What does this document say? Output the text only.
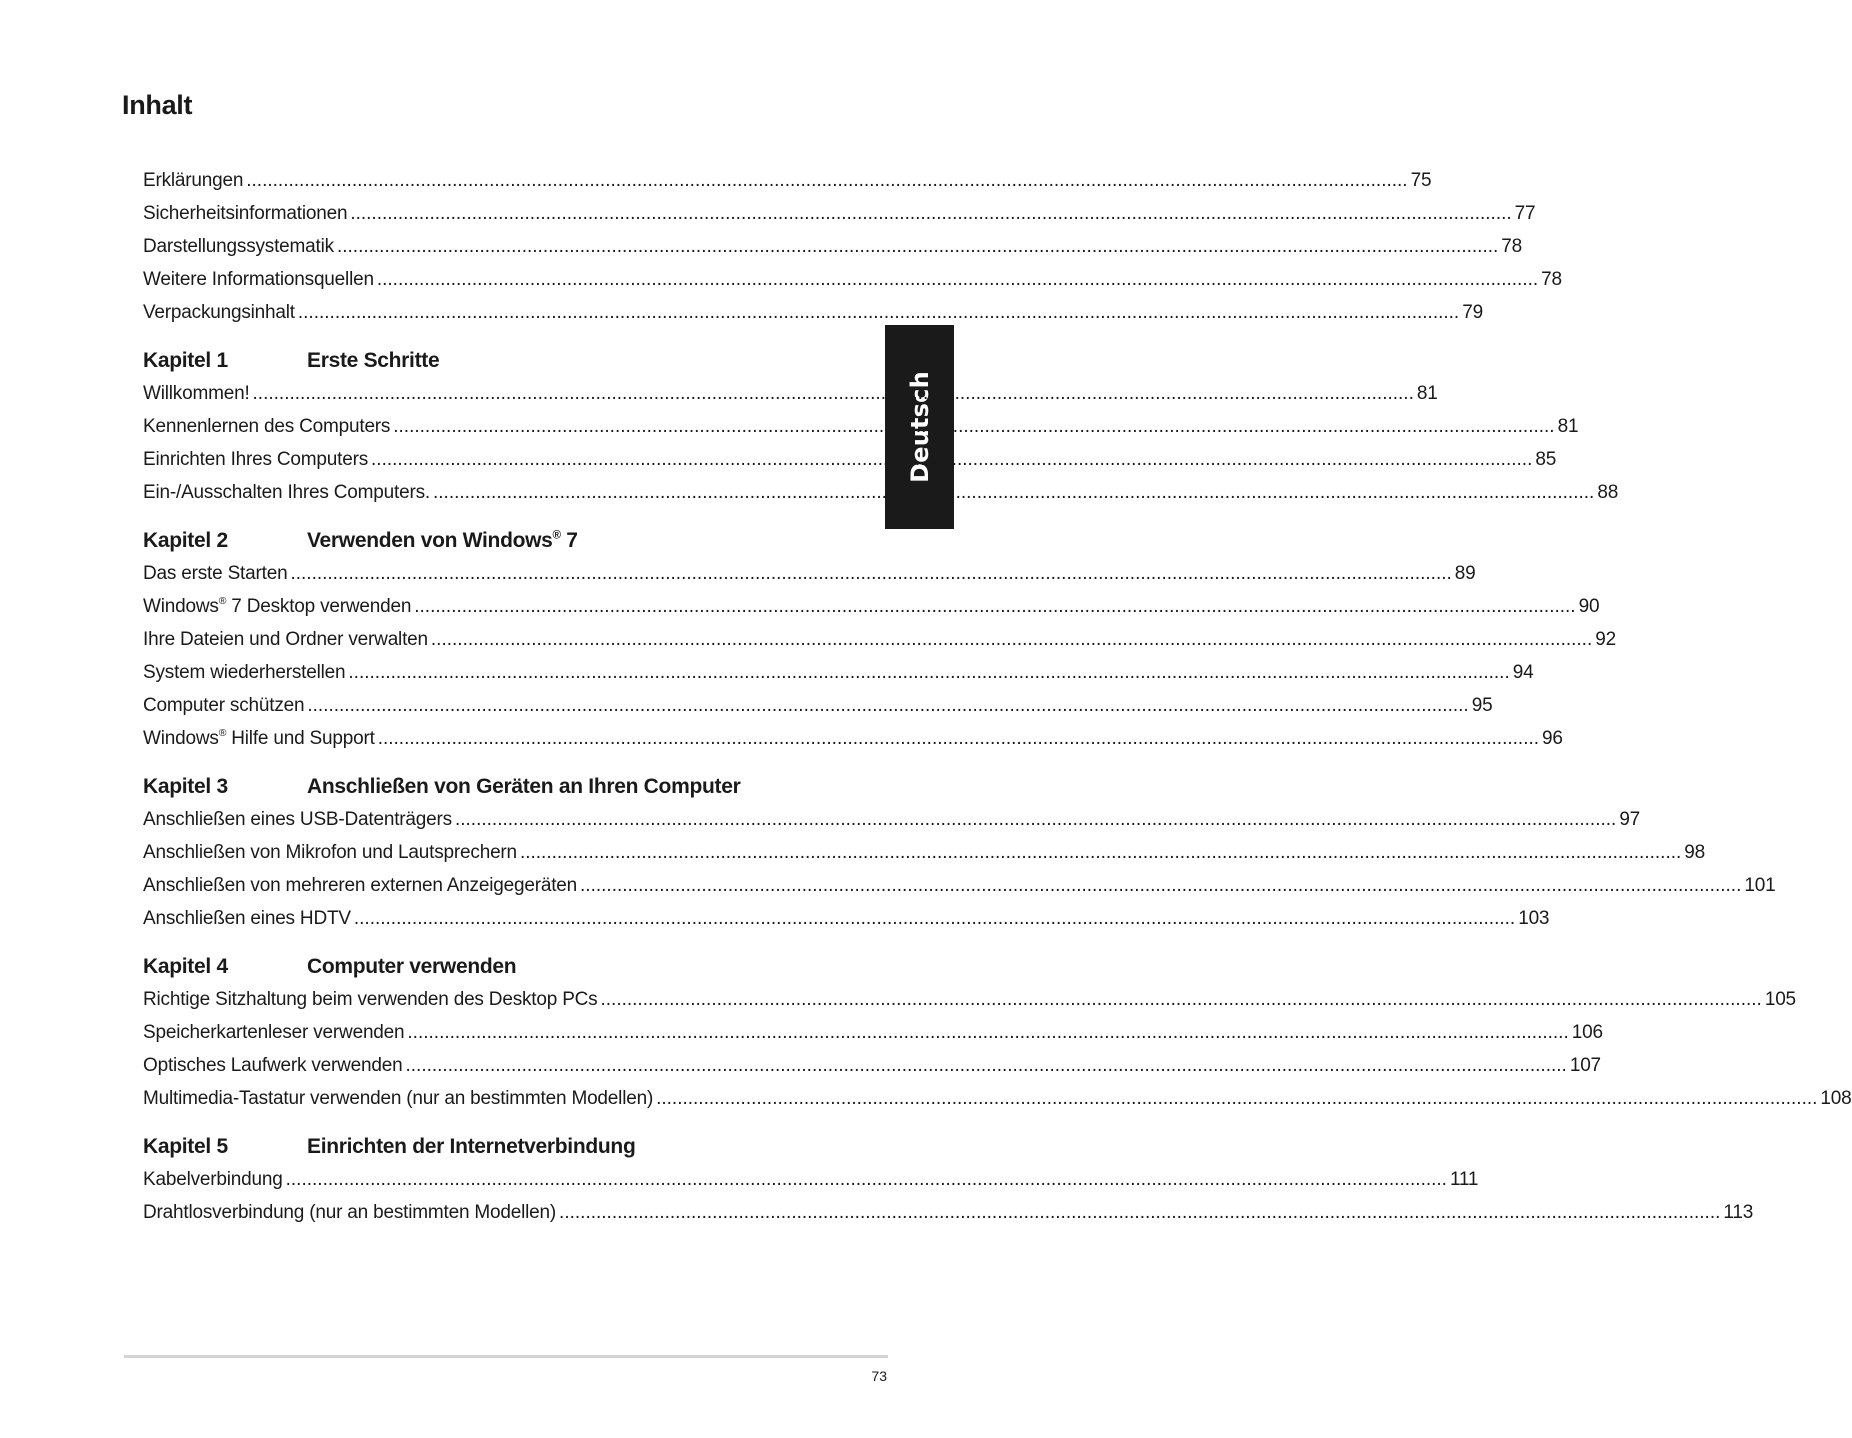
Inhalt
Deutsch
Erklärungen ............................................................................................................................................................................................................................ 75
Sicherheitsinformationen ............................................................................................................................................................................................................................ 77
Darstellungssystematik ............................................................................................................................................................................................................................ 78
Weitere Informationsquellen ............................................................................................................................................................................................................................ 78
Verpackungsinhalt ............................................................................................................................................................................................................................ 79
Kapitel 1	Erste Schritte
Willkommen! ............................................................................................................................................................................................................................ 81
Kennenlernen des Computers ............................................................................................................................................................................................................................ 81
Einrichten Ihres Computers ............................................................................................................................................................................................................................ 85
Ein-/Ausschalten Ihres Computers. ............................................................................................................................................................................................................................ 88
Kapitel 2	Verwenden von Windows® 7
Das erste Starten ............................................................................................................................................................................................................................ 89
Windows® 7 Desktop verwenden ............................................................................................................................................................................................................................ 90
Ihre Dateien und Ordner verwalten ............................................................................................................................................................................................................................ 92
System wiederherstellen ............................................................................................................................................................................................................................ 94
Computer schützen ............................................................................................................................................................................................................................ 95
Windows® Hilfe und Support ............................................................................................................................................................................................................................ 96
Kapitel 3	Anschließen von Geräten an Ihren Computer
Anschließen eines USB-Datenträgers ............................................................................................................................................................................................................................ 97
Anschließen von Mikrofon und Lautsprechern ............................................................................................................................................................................................................................ 98
Anschließen von mehreren externen Anzeigegeräten ............................................................................................................................................................................................................................ 101
Anschließen eines HDTV ............................................................................................................................................................................................................................ 103
Kapitel 4	Computer verwenden
Richtige Sitzhaltung beim verwenden des Desktop PCs ............................................................................................................................................................................................................................ 105
Speicherkartenleser verwenden ............................................................................................................................................................................................................................ 106
Optisches Laufwerk verwenden ............................................................................................................................................................................................................................ 107
Multimedia-Tastatur verwenden (nur an bestimmten Modellen) ............................................................................................................................................................................................................................ 108
Kapitel 5	Einrichten der Internetverbindung
Kabelverbindung ............................................................................................................................................................................................................................ 111
Drahtlosverbindung (nur an bestimmten Modellen) ............................................................................................................................................................................................................................ 113
73
